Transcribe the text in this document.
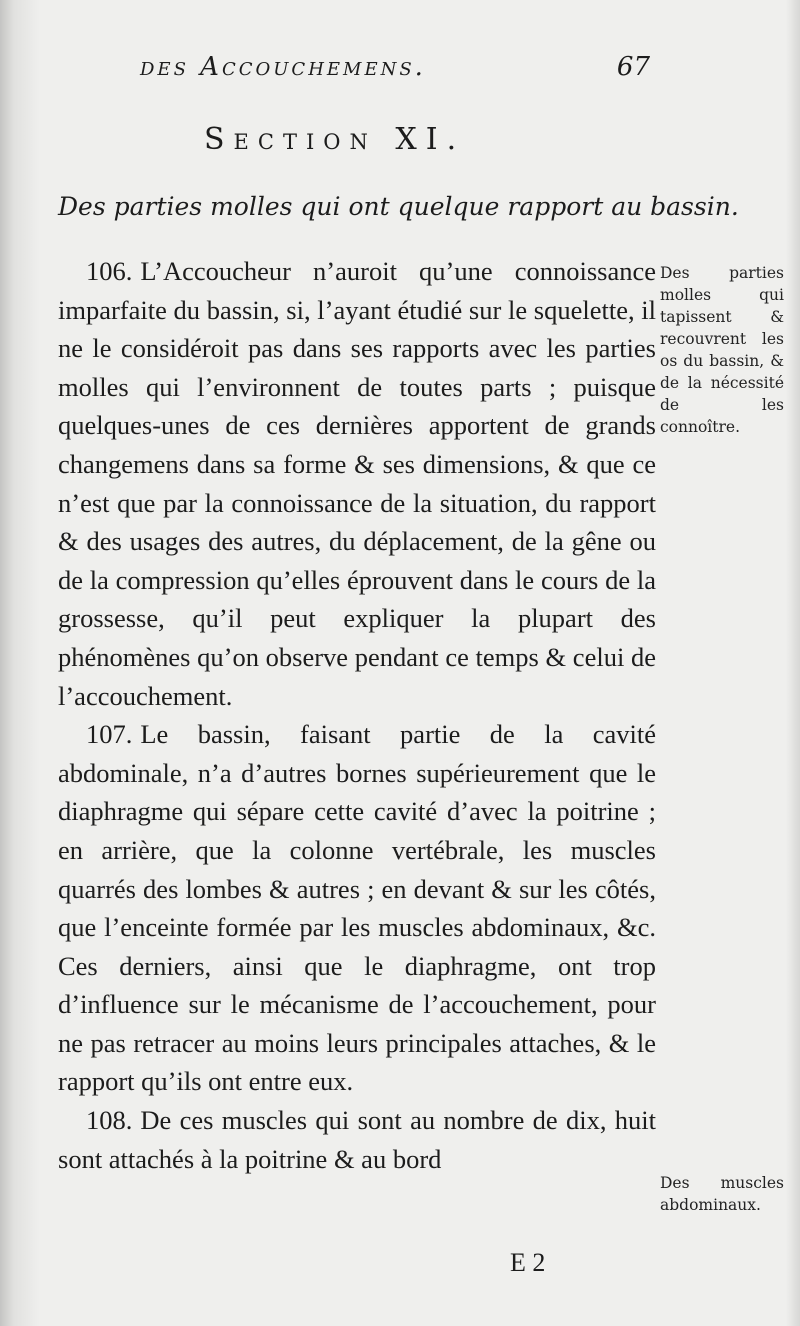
des Accouchemens.	67
Section XI.
Des parties molles qui ont quelque rapport au bassin.

106. L’Accoucheur n’auroit qu’une connoissance imparfaite du bassin, si, l’ayant étudié sur le squelette, il ne le considéroit pas dans ses rapports avec les parties molles qui l’environnent de toutes parts ; puisque quelques-unes de ces dernières apportent de grands changemens dans sa forme & ses dimensions, & que ce n’est que par la connoissance de la situation, du rapport & des usages des autres, du déplacement, de la gêne ou de la compression qu’elles éprouvent dans le cours de la grossesse, qu’il peut expliquer la plupart des phénomènes qu’on observe pendant ce temps & celui de l’accouchement.

107. Le bassin, faisant partie de la cavité abdominale, n’a d’autres bornes supérieurement que le diaphragme qui sépare cette cavité d’avec la poitrine ; en arrière, que la colonne vertébrale, les muscles quarrés des lombes & autres ; en devant & sur les côtés, que l’enceinte formée par les muscles abdominaux, &c. Ces derniers, ainsi que le diaphragme, ont trop d’influence sur le mécanisme de l’accouchement, pour ne pas retracer au moins leurs principales attaches, & le rapport qu’ils ont entre eux.

108. De ces muscles qui sont au nombre de dix, huit sont attachés à la poitrine & au bord

Des parties molles qui tapissent & recouvrent les os du bassin, & de la nécessité de les connoître.
Des muscles abdominaux.
E 2
